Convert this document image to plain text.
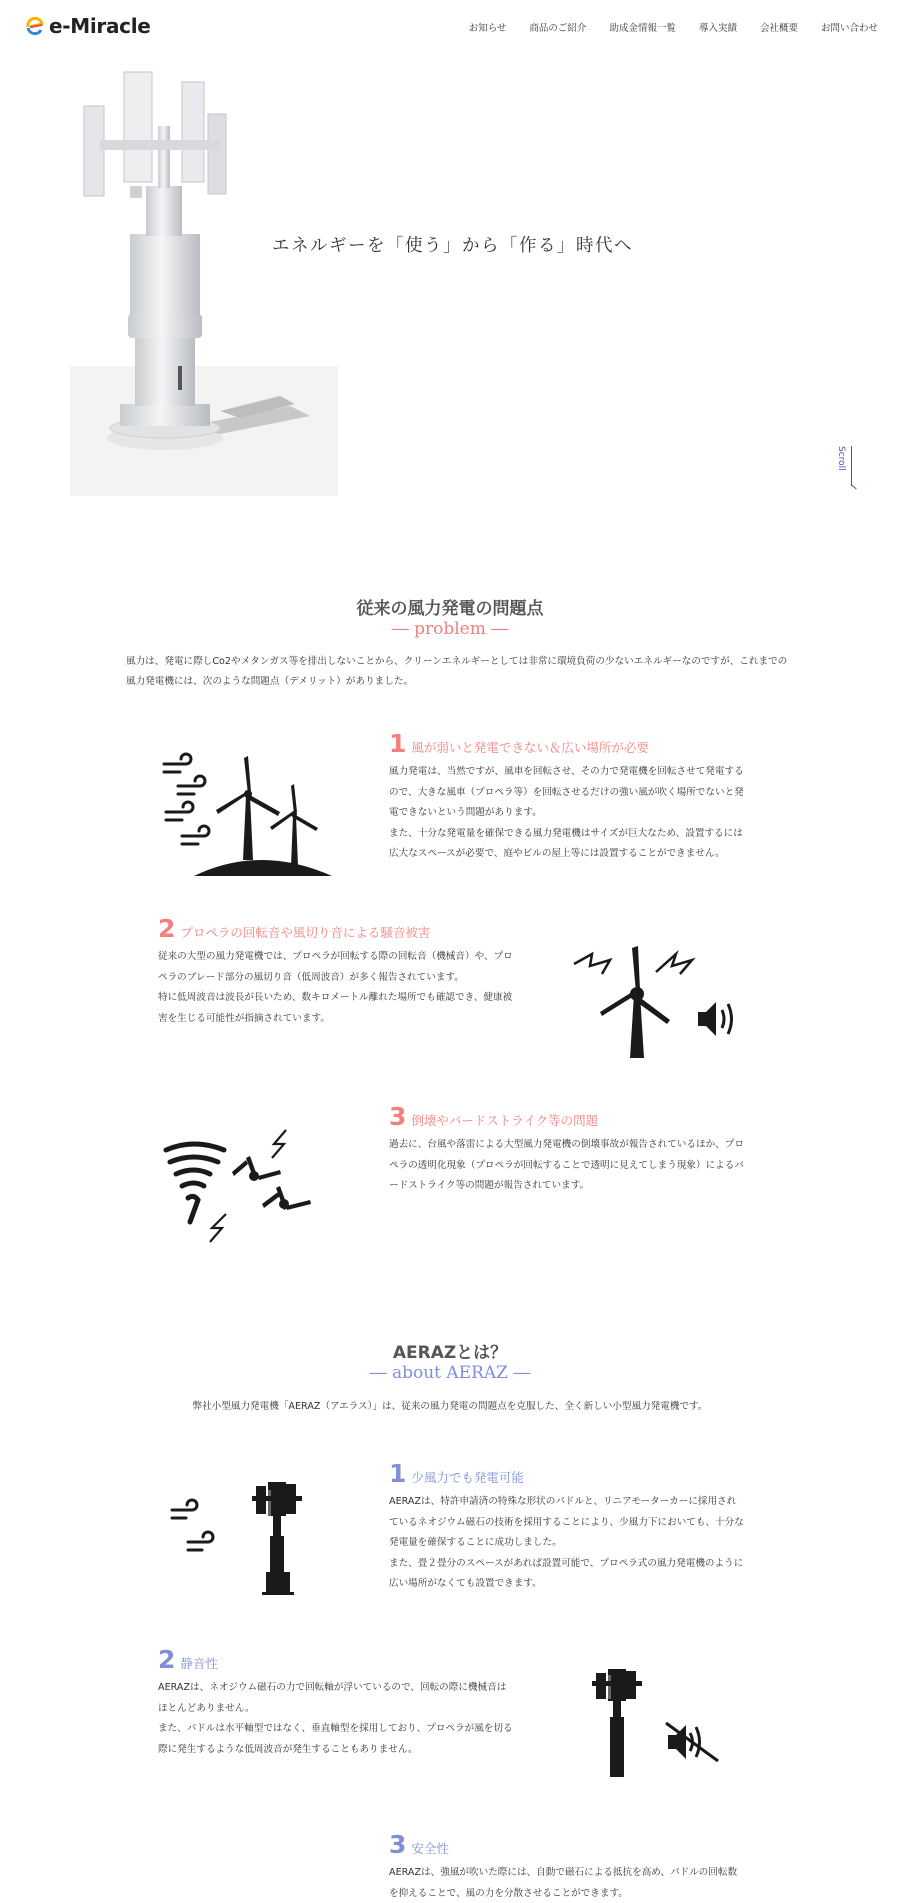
e-Miracle	お知らせ 商品のご紹介 助成金情報一覧 導入実績 会社概要 お問い合わせ
エネルギーを「使う」から「作る」時代へ
Scroll
従来の風力発電の問題点
― problem ―
風力は、発電に際しCo2やメタンガス等を排出しないことから、クリーンエネルギーとしては非常に環境負荷の少ないエネルギーなのですが、これまでの
風力発電機には、次のような問題点（デメリット）がありました。
1 風が弱いと発電できない＆広い場所が必要
風力発電は、当然ですが、風車を回転させ、その力で発電機を回転させて発電する
ので、大きな風車（プロペラ等）を回転させるだけの強い風が吹く場所でないと発
電できないという問題があります。
また、十分な発電量を確保できる風力発電機はサイズが巨大なため、設置するには
広大なスペースが必要で、庭やビルの屋上等には設置することができません。
2 プロペラの回転音や風切り音による騒音被害
従来の大型の風力発電機では、プロペラが回転する際の回転音（機械音）や、プロ
ペラのブレード部分の風切り音（低周波音）が多く報告されています。
特に低周波音は波長が長いため、数キロメートル離れた場所でも確認でき、健康被
害を生じる可能性が指摘されています。
3 倒壊やバードストライク等の問題
過去に、台風や落雷による大型風力発電機の倒壊事故が報告されているほか、プロ
ペラの透明化現象（プロペラが回転することで透明に見えてしまう現象）によるバ
ードストライク等の問題が報告されています。
AERAZとは？
― about AERAZ ―
弊社小型風力発電機「AERAZ（アエラス）」は、従来の風力発電の問題点を克服した、全く新しい小型風力発電機です。
1 少風力でも発電可能
AERAZは、特許申請済の特殊な形状のパドルと、リニアモーターカーに採用され
ているネオジウム磁石の技術を採用することにより、少風力下においても、十分な
発電量を確保することに成功しました。
また、畳２畳分のスペースがあれば設置可能で、プロペラ式の風力発電機のように
広い場所がなくても設置できます。
2 静音性
AERAZは、ネオジウム磁石の力で回転軸が浮いているので、回転の際に機械音は
ほとんどありません。
また、パドルは水平軸型ではなく、垂直軸型を採用しており、プロペラが風を切る
際に発生するような低周波音が発生することもありません。
3 安全性
AERAZは、強風が吹いた際には、自動で磁石による抵抗を高め、パドルの回転数
を抑えることで、風の力を分散させることができます。
